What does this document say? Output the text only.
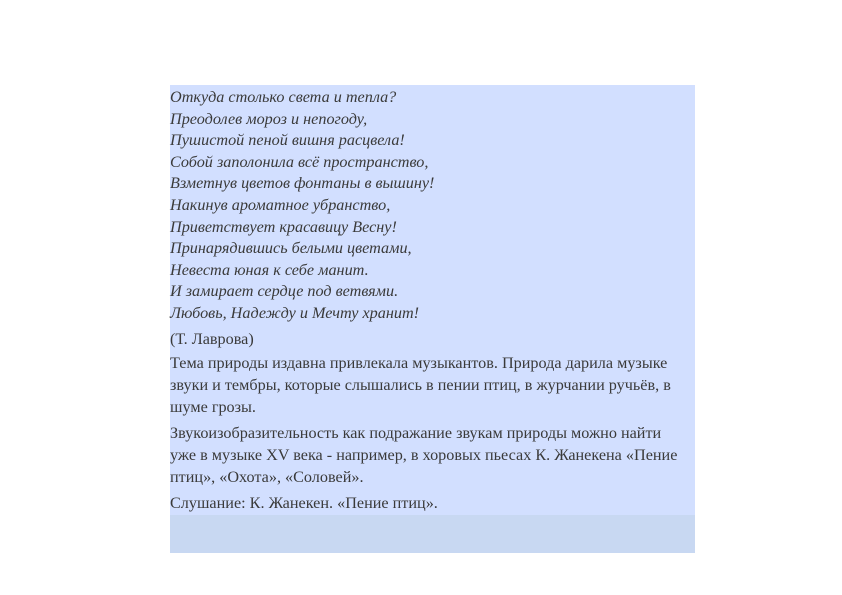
Откуда столько света и тепла?
Преодолев мороз и непогоду,
Пушистой пеной вишня расцвела!
Собой заполонила всё пространство,
Взметнув цветов фонтаны в вышину!
Накинув ароматное убранство,
Приветствует красавицу Весну!
Принарядившись белыми цветами,
Невеста юная к себе манит.
И замирает сердце под ветвями.
Любовь, Надежду и Мечту хранит!

(Т. Лаврова)

Тема природы издавна привлекала музыкантов. Природа дарила музыке звуки и тембры, которые слышались в пении птиц, в журчании ручьёв, в шуме грозы.

Звукоизобразительность как подражание звукам природы можно найти уже в музыке XV века - например, в хоровых пьесах К. Жанекена «Пение птиц», «Охота», «Соловей».

Слушание: К. Жанекен. «Пение птиц».
